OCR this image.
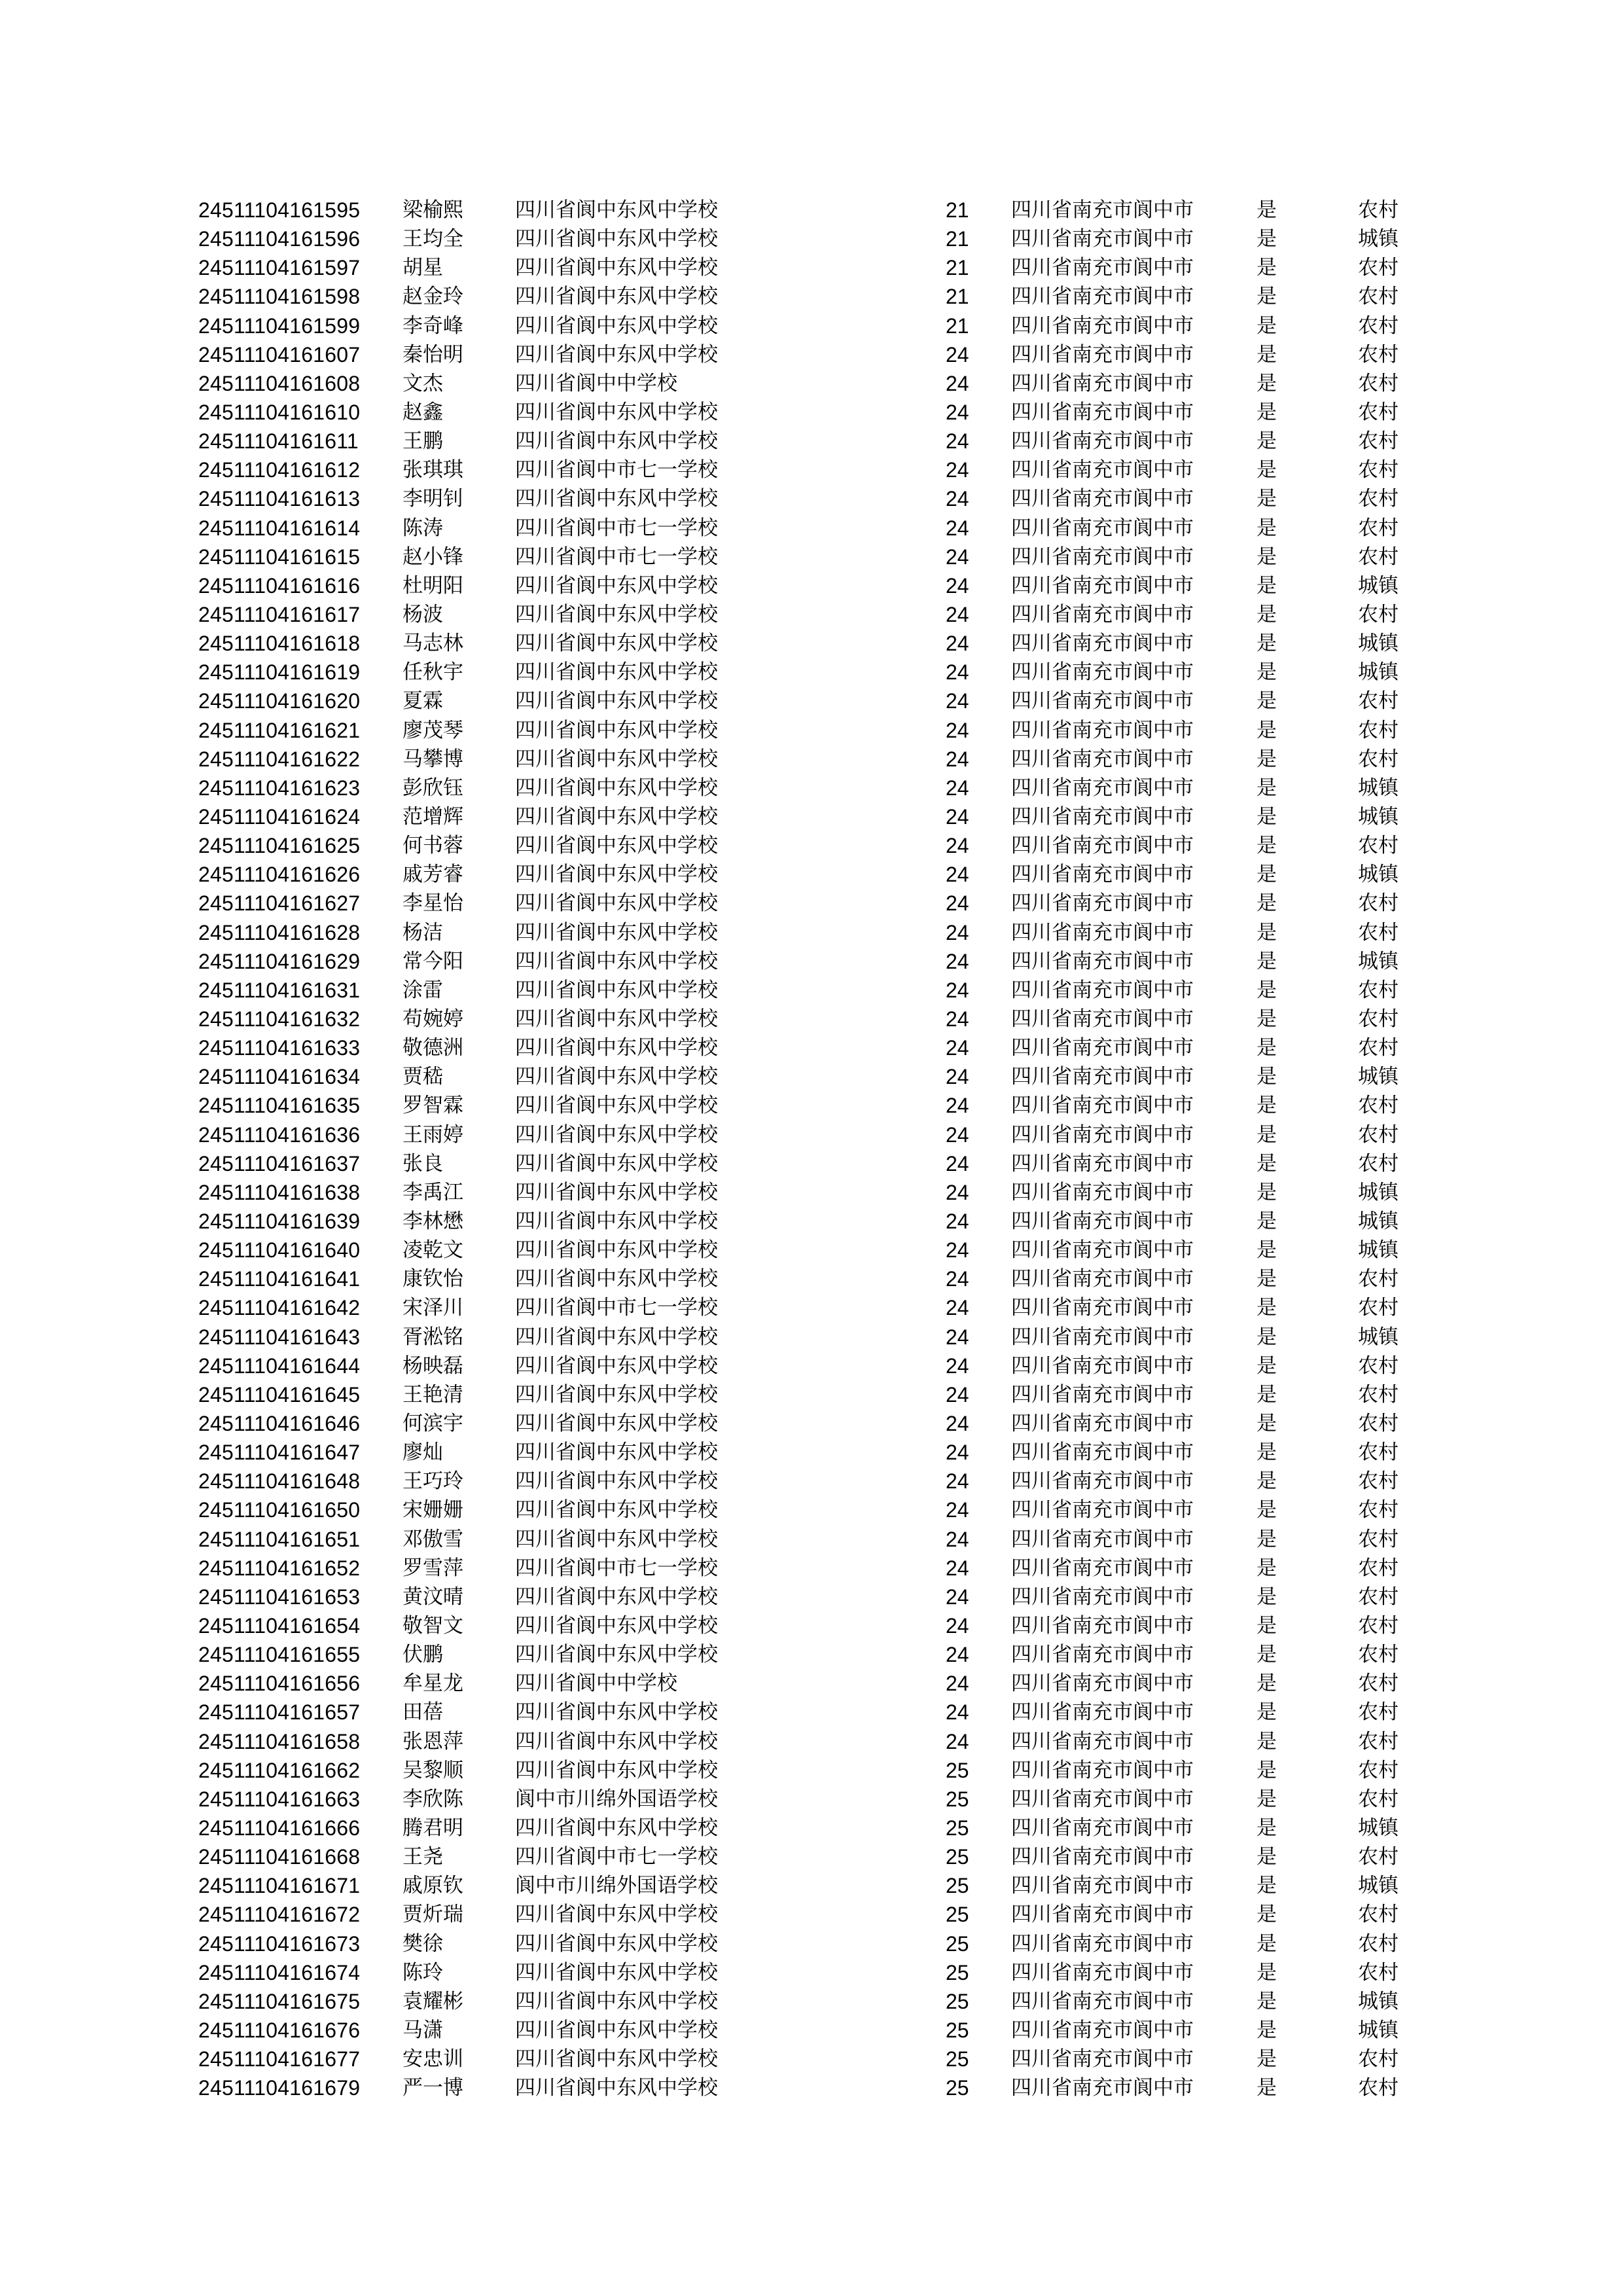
24511104161595	梁榆熙	四川省阆中东风中学校	21	四川省南充市阆中市	是	农村
24511104161596	王均全	四川省阆中东风中学校	21	四川省南充市阆中市	是	城镇
24511104161597	胡星	四川省阆中东风中学校	21	四川省南充市阆中市	是	农村
24511104161598	赵金玲	四川省阆中东风中学校	21	四川省南充市阆中市	是	农村
24511104161599	李奇峰	四川省阆中东风中学校	21	四川省南充市阆中市	是	农村
24511104161607	秦怡明	四川省阆中东风中学校	24	四川省南充市阆中市	是	农村
24511104161608	文杰	四川省阆中中学校	24	四川省南充市阆中市	是	农村
24511104161610	赵鑫	四川省阆中东风中学校	24	四川省南充市阆中市	是	农村
24511104161611	王鹏	四川省阆中东风中学校	24	四川省南充市阆中市	是	农村
24511104161612	张琪琪	四川省阆中市七一学校	24	四川省南充市阆中市	是	农村
24511104161613	李明钊	四川省阆中东风中学校	24	四川省南充市阆中市	是	农村
24511104161614	陈涛	四川省阆中市七一学校	24	四川省南充市阆中市	是	农村
24511104161615	赵小锋	四川省阆中市七一学校	24	四川省南充市阆中市	是	农村
24511104161616	杜明阳	四川省阆中东风中学校	24	四川省南充市阆中市	是	城镇
24511104161617	杨波	四川省阆中东风中学校	24	四川省南充市阆中市	是	农村
24511104161618	马志林	四川省阆中东风中学校	24	四川省南充市阆中市	是	城镇
24511104161619	任秋宇	四川省阆中东风中学校	24	四川省南充市阆中市	是	城镇
24511104161620	夏霖	四川省阆中东风中学校	24	四川省南充市阆中市	是	农村
24511104161621	廖茂琴	四川省阆中东风中学校	24	四川省南充市阆中市	是	农村
24511104161622	马攀博	四川省阆中东风中学校	24	四川省南充市阆中市	是	农村
24511104161623	彭欣钰	四川省阆中东风中学校	24	四川省南充市阆中市	是	城镇
24511104161624	范增辉	四川省阆中东风中学校	24	四川省南充市阆中市	是	城镇
24511104161625	何书蓉	四川省阆中东风中学校	24	四川省南充市阆中市	是	农村
24511104161626	戚芳睿	四川省阆中东风中学校	24	四川省南充市阆中市	是	城镇
24511104161627	李星怡	四川省阆中东风中学校	24	四川省南充市阆中市	是	农村
24511104161628	杨洁	四川省阆中东风中学校	24	四川省南充市阆中市	是	农村
24511104161629	常今阳	四川省阆中东风中学校	24	四川省南充市阆中市	是	城镇
24511104161631	涂雷	四川省阆中东风中学校	24	四川省南充市阆中市	是	农村
24511104161632	苟婉婷	四川省阆中东风中学校	24	四川省南充市阆中市	是	农村
24511104161633	敬德洲	四川省阆中东风中学校	24	四川省南充市阆中市	是	农村
24511104161634	贾嵇	四川省阆中东风中学校	24	四川省南充市阆中市	是	城镇
24511104161635	罗智霖	四川省阆中东风中学校	24	四川省南充市阆中市	是	农村
24511104161636	王雨婷	四川省阆中东风中学校	24	四川省南充市阆中市	是	农村
24511104161637	张良	四川省阆中东风中学校	24	四川省南充市阆中市	是	农村
24511104161638	李禹江	四川省阆中东风中学校	24	四川省南充市阆中市	是	城镇
24511104161639	李林懋	四川省阆中东风中学校	24	四川省南充市阆中市	是	城镇
24511104161640	凌乾文	四川省阆中东风中学校	24	四川省南充市阆中市	是	城镇
24511104161641	康钦怡	四川省阆中东风中学校	24	四川省南充市阆中市	是	农村
24511104161642	宋泽川	四川省阆中市七一学校	24	四川省南充市阆中市	是	农村
24511104161643	胥淞铭	四川省阆中东风中学校	24	四川省南充市阆中市	是	城镇
24511104161644	杨映磊	四川省阆中东风中学校	24	四川省南充市阆中市	是	农村
24511104161645	王艳清	四川省阆中东风中学校	24	四川省南充市阆中市	是	农村
24511104161646	何滨宇	四川省阆中东风中学校	24	四川省南充市阆中市	是	农村
24511104161647	廖灿	四川省阆中东风中学校	24	四川省南充市阆中市	是	农村
24511104161648	王巧玲	四川省阆中东风中学校	24	四川省南充市阆中市	是	农村
24511104161650	宋姗姗	四川省阆中东风中学校	24	四川省南充市阆中市	是	农村
24511104161651	邓傲雪	四川省阆中东风中学校	24	四川省南充市阆中市	是	农村
24511104161652	罗雪萍	四川省阆中市七一学校	24	四川省南充市阆中市	是	农村
24511104161653	黄汶晴	四川省阆中东风中学校	24	四川省南充市阆中市	是	农村
24511104161654	敬智文	四川省阆中东风中学校	24	四川省南充市阆中市	是	农村
24511104161655	伏鹏	四川省阆中东风中学校	24	四川省南充市阆中市	是	农村
24511104161656	牟星龙	四川省阆中中学校	24	四川省南充市阆中市	是	农村
24511104161657	田蓓	四川省阆中东风中学校	24	四川省南充市阆中市	是	农村
24511104161658	张恩萍	四川省阆中东风中学校	24	四川省南充市阆中市	是	农村
24511104161662	吴黎顺	四川省阆中东风中学校	25	四川省南充市阆中市	是	农村
24511104161663	李欣陈	阆中市川绵外国语学校	25	四川省南充市阆中市	是	农村
24511104161666	腾君明	四川省阆中东风中学校	25	四川省南充市阆中市	是	城镇
24511104161668	王尧	四川省阆中市七一学校	25	四川省南充市阆中市	是	农村
24511104161671	戚原钦	阆中市川绵外国语学校	25	四川省南充市阆中市	是	城镇
24511104161672	贾炘瑞	四川省阆中东风中学校	25	四川省南充市阆中市	是	农村
24511104161673	樊徐	四川省阆中东风中学校	25	四川省南充市阆中市	是	农村
24511104161674	陈玲	四川省阆中东风中学校	25	四川省南充市阆中市	是	农村
24511104161675	袁耀彬	四川省阆中东风中学校	25	四川省南充市阆中市	是	城镇
24511104161676	马潇	四川省阆中东风中学校	25	四川省南充市阆中市	是	城镇
24511104161677	安忠训	四川省阆中东风中学校	25	四川省南充市阆中市	是	农村
24511104161679	严一博	四川省阆中东风中学校	25	四川省南充市阆中市	是	农村
